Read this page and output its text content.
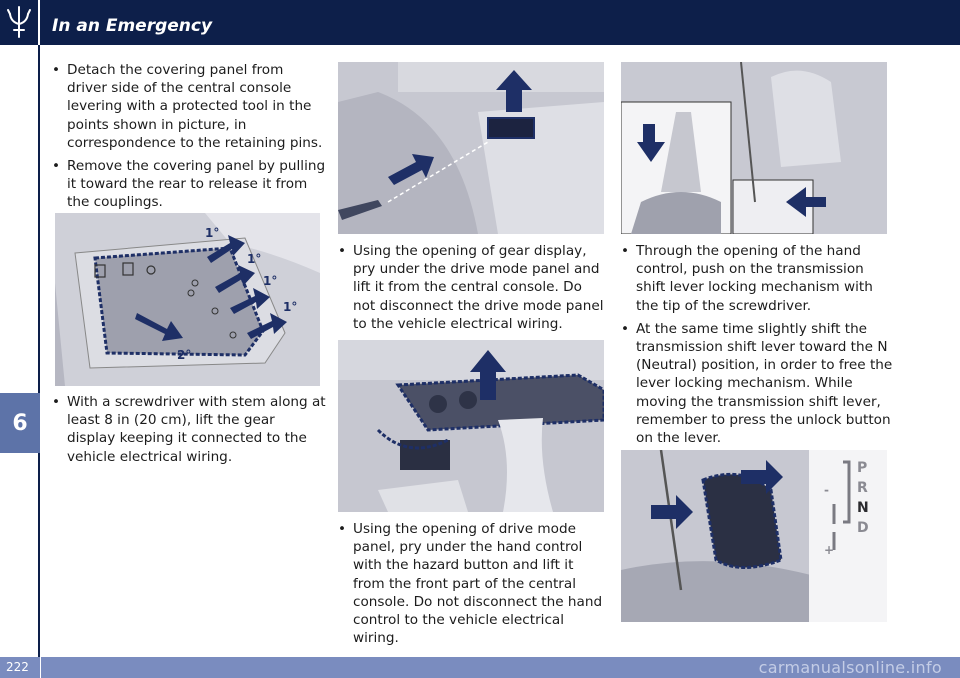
In an Emergency
6
• Detach the covering panel from driver side of the central console levering with a protected tool in the points shown in picture, in correspondence to the retaining pins.
• Remove the covering panel by pulling it toward the rear to release it from the couplings.
1°
1°
1°
1°
2°
• With a screwdriver with stem along at least 8 in (20 cm), lift the gear display keeping it connected to the vehicle electrical wiring.
• Using the opening of gear display, pry under the drive mode panel and lift it from the central console. Do not disconnect the drive mode panel to the vehicle electrical wiring.
• Using the opening of drive mode panel, pry under the hand control with the hazard button and lift it from the front part of the central console. Do not disconnect the hand control to the vehicle electrical wiring.
• Through the opening of the hand control, push on the transmission shift lever locking mechanism with the tip of the screwdriver.
• At the same time slightly shift the transmission shift lever toward the N (Neutral) position, in order to free the lever locking mechanism. While moving the transmission shift lever, remember to press the unlock button on the lever.
P
R
N
D
-
+
222	carmanualsonline.info
